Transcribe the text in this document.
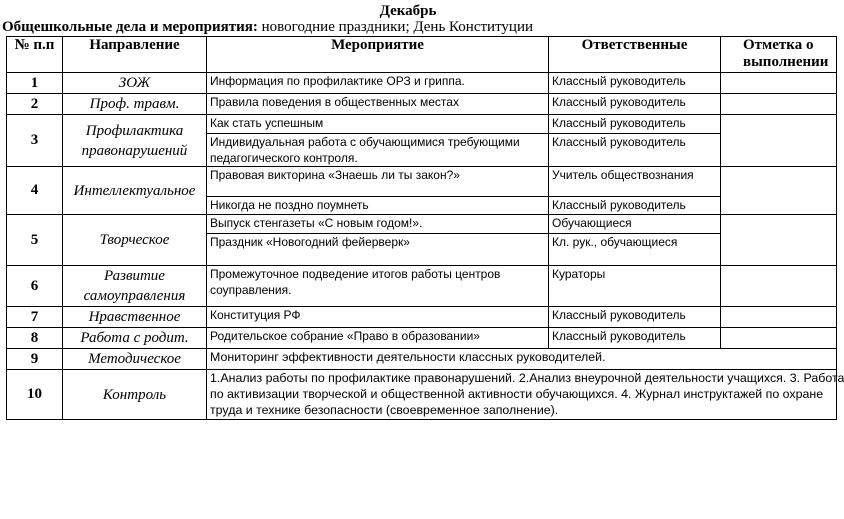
Декабрь
Общешкольные дела и мероприятия: новогодние праздники; День Конституции
№ п.п	Направление	Мероприятие	Ответственные	Отметка о
выполнении

1	ЗОЖ	Информация по профилактике ОРЗ и гриппа.	Классный руководитель	
2	Проф. травм.	Правила поведения в общественных местах	Классный руководитель	
3	Профилактика правонарушений	Как стать успешным	Классный руководитель	
		Индивидуальная работа с обучающимися требующими педагогического контроля.	Классный руководитель	
4	Интеллектуальное	Правовая викторина «Знаешь ли ты закон?»	Учитель обществознания	
		Никогда не поздно поумнеть	Классный руководитель	
5	Творческое	Выпуск стенгазеты «С новым годом!».	Обучающиеся	
		Праздник «Новогодний фейерверк»	Кл. рук., обучающиеся	
6	Развитие самоуправления	Промежуточное подведение итогов работы центров соуправления.	Кураторы	
7	Нравственное	Конституция РФ	Классный руководитель	
8	Работа с родит.	Родительское собрание «Право в образовании»	Классный руководитель	
9	Методическое	Мониторинг эффективности деятельности классных руководителей.		
10	Контроль	1.Анализ работы по профилактике правонарушений. 2.Анализ внеурочной деятельности учащихся. 3. Работа
по активизации творческой и общественной активности обучающихся. 4. Журнал инструктажей по охране
труда и технике безопасности (своевременное заполнение).		
